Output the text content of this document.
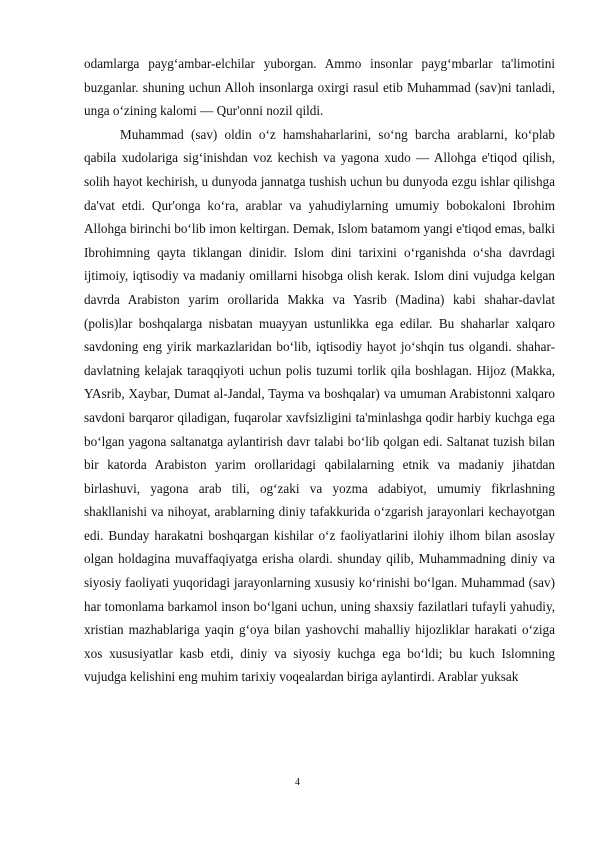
odamlarga payg‘ambar-elchilar yuborgan. Ammo insonlar payg‘mbarlar ta'limotini buzganlar. shuning uchun Alloh insonlarga oxirgi rasul etib Muhammad (sav)ni tanladi, unga o‘zining kalomi — Qur'onni nozil qildi.

Muhammad (sav) oldin o‘z hamshaharlarini, so‘ng barcha arablarni, ko‘plab qabila xudolariga sig‘inishdan voz kechish va yagona xudo — Allohga e'tiqod qilish, solih hayot kechirish, u dunyoda jannatga tushish uchun bu dunyoda ezgu ishlar qilishga da'vat etdi. Qur'onga ko‘ra, arablar va yahudiylarning umumiy bobokaloni Ibrohim Allohga birinchi bo‘lib imon keltirgan. Demak, Islom batamom yangi e'tiqod emas, balki Ibrohimning qayta tiklangan dinidir. Islom dini tarixini o‘rganishda o‘sha davrdagi ijtimoiy, iqtisodiy va madaniy omillarni hisobga olish kerak. Islom dini vujudga kelgan davrda Arabiston yarim orollarida Makka va Yasrib (Madina) kabi shahar-davlat (polis)lar boshqalarga nisbatan muayyan ustunlikka ega edilar. Bu shaharlar xalqaro savdoning eng yirik markazlaridan bo‘lib, iqtisodiy hayot jo‘shqin tus olgandi. shahar-davlatning kelajak taraqqiyoti uchun polis tuzumi torlik qila boshlagan. Hijoz (Makka, YAsrib, Xaybar, Dumat al-Jandal, Tayma va boshqalar) va umuman Arabistonni xalqaro savdoni barqaror qiladigan, fuqarolar xavfsizligini ta'minlashga qodir harbiy kuchga ega bo‘lgan yagona saltanatga aylantirish davr talabi bo‘lib qolgan edi. Saltanat tuzish bilan bir katorda Arabiston yarim orollaridagi qabilalarning etnik va madaniy jihatdan birlashuvi, yagona arab tili, og‘zaki va yozma adabiyot, umumiy fikrlashning shakllanishi va nihoyat, arablarning diniy tafakkurida o‘zgarish jarayonlari kechayotgan edi. Bunday harakatni boshqargan kishilar o‘z faoliyatlarini ilohiy ilhom bilan asoslay olgan holdagina muvaffaqiyatga erisha olardi. shunday qilib, Muhammadning diniy va siyosiy faoliyati yuqoridagi jarayonlarning xususiy ko‘rinishi bo‘lgan. Muhammad (sav) har tomonlama barkamol inson bo‘lgani uchun, uning shaxsiy fazilatlari tufayli yahudiy, xristian mazhablariga yaqin g‘oya bilan yashovchi mahalliy hijozliklar harakati o‘ziga xos xususiyatlar kasb etdi, diniy va siyosiy kuchga ega bo‘ldi; bu kuch Islomning vujudga kelishini eng muhim tarixiy voqealardan biriga aylantirdi. Arablar yuksak

4
